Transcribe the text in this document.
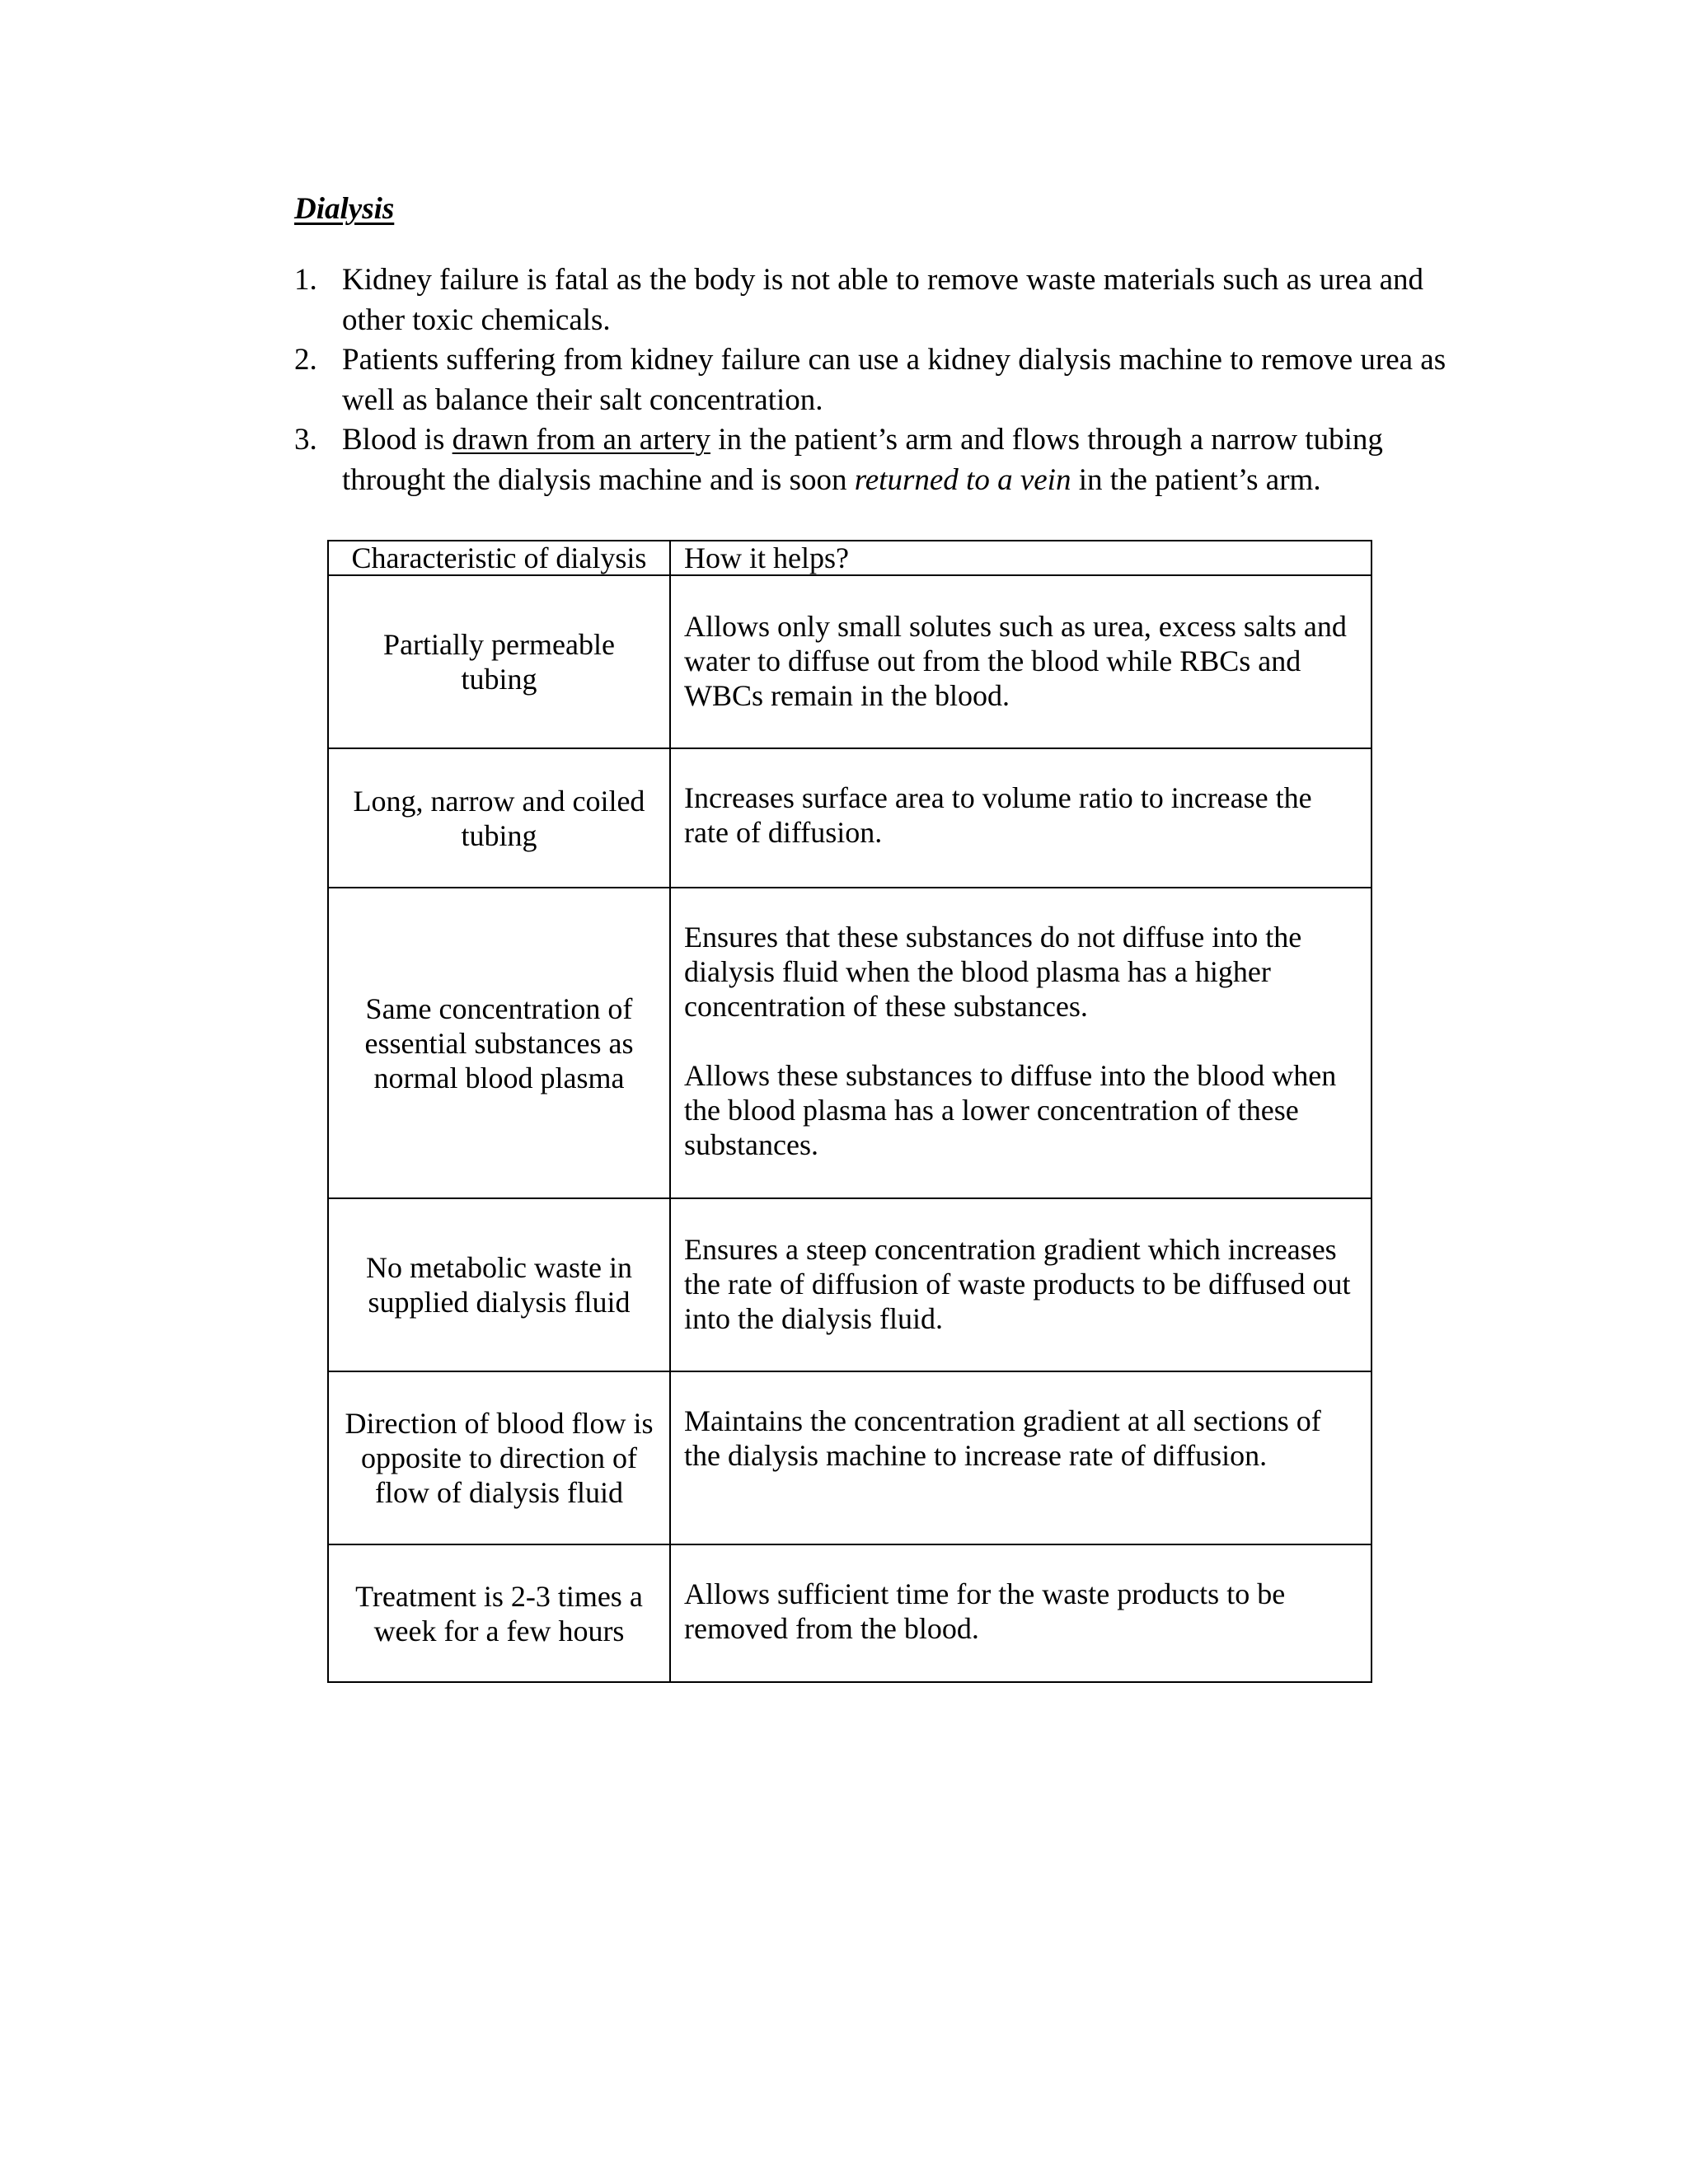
Dialysis
1. Kidney failure is fatal as the body is not able to remove waste materials such as urea and other toxic chemicals.
2. Patients suffering from kidney failure can use a kidney dialysis machine to remove urea as well as balance their salt concentration.
3. Blood is drawn from an artery in the patient’s arm and flows through a narrow tubing throught the dialysis machine and is soon returned to a vein in the patient’s arm.
Characteristic of dialysis	How it helps?
Partially permeable tubing	Allows only small solutes such as urea, excess salts and water to diffuse out from the blood while RBCs and WBCs remain in the blood.

Long, narrow and coiled tubing	Increases surface area to volume ratio to increase the rate of diffusion.

Same concentration of essential substances as normal blood plasma	Ensures that these substances do not diffuse into the dialysis fluid when the blood plasma has a higher concentration of these substances.

Allows these substances to diffuse into the blood when the blood plasma has a lower concentration of these substances.

No metabolic waste in supplied dialysis fluid	Ensures a steep concentration gradient which increases the rate of diffusion of waste products to be diffused out into the dialysis fluid.

Direction of blood flow is opposite to direction of flow of dialysis fluid	Maintains the concentration gradient at all sections of the dialysis machine to increase rate of diffusion.

Treatment is 2-3 times a week for a few hours	Allows sufficient time for the waste products to be removed from the blood.
